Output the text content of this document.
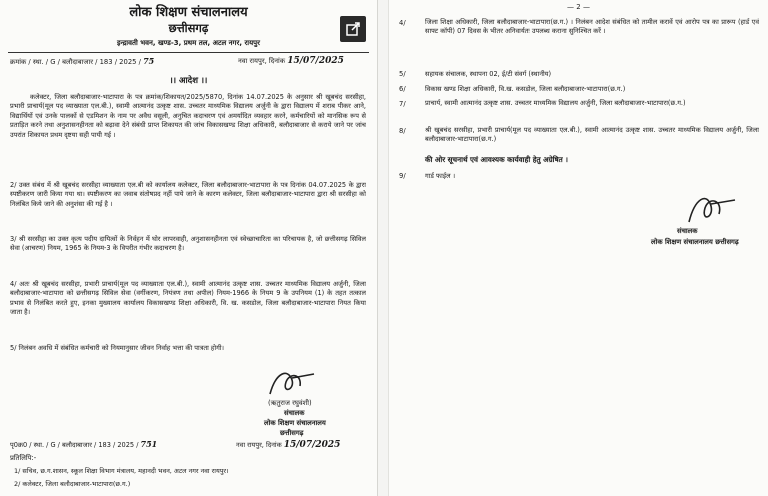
लोक शिक्षण संचालनालय
छत्तीसगढ़
इन्द्रावती भवन, खण्ड-3, प्रथम तल, अटल नगर, रायपुर
क्रमांक / स्था. / G / बलौदाबाजार / 183 / 2025 / 75	नवा रायपुर, दिनांक 15/07/2025
।। आदेश ।।
कलेक्टर, जिला बलौदाबाजार-भाटापारा के पत्र क्रमांक/शिकायत/2025/5870, दिनांक 14.07.2025 के अनुसार श्री खूबचंद सरसीहा, प्रभारी प्राचार्य(मूल पद व्याख्याता एल.बी.), स्वामी आत्मानंद उत्कृष्ट शास. उच्चतर माध्यमिक विद्यालय अर्जुनी के द्वारा विद्यालय में शराब पीकर आने, विद्यार्थियों एवं उनके पालकों से एडमिशन के नाम पर अवैध वसूली, अनुचित कदाचरण एवं अमर्यादित व्यवहार करने, कर्मचारियों को मानसिक रूप से प्रताड़ित करने तथा अनुशासनहीनता को बढ़ावा देने संबंधी प्राप्त शिकायत की जांच विकासखण्ड शिक्षा अधिकारी, बलौदाबाजार से कराये जाने पर जांच उपरांत शिकायत प्रथम दृष्टया सही पायी गई ।
2/ उक्त संबंध में श्री खूबचंद सरसीहा व्याख्याता एल.बी को कार्यालय कलेक्टर, जिला बलौदाबाजार-भाटापारा के पत्र दिनांक 04.07.2025 के द्वारा स्पष्टीकरण जारी किया गया था। स्पष्टीकरण का जवाब संतोषप्रद नहीं पाये जाने के कारण कलेक्टर, जिला बलौदाबाजार-भाटापारा द्वारा श्री सरसीहा को निलंबित किये जाने की अनुशंसा की गई है ।
3/ श्री सरसीहा का उक्त कृत्य पदीय दायित्वों के निर्वहन में घोर लापरवाही, अनुशासनहीनता एवं स्वेच्छाचारिता का परिचायक है, जो छत्तीसगढ़ सिविल सेवा (आचरण) नियम, 1965 के नियम-3 के विपरीत गंभीर कदाचरण है।
4/ अतः श्री खूबचंद सरसीहा, प्रभारी प्राचार्य(मूल पद व्याख्याता एल.बी.), स्वामी आत्मानंद उत्कृष्ट शास. उच्चतर माध्यमिक विद्यालय अर्जुनी, जिला बलौदाबाजार-भाटापारा को छत्तीसगढ़ सिविल सेवा (वर्गीकरण, नियंत्रण तथा अपील) नियम-1966 के नियम 9 के उपनियम (1) के तहत तत्काल प्रभाव से निलंबित करते हुए, इनका मुख्यालय कार्यालय विकासखण्ड शिक्षा अधिकारी, वि. ख. कसडोल, जिला बलौदाबाजार-भाटापारा नियत किया जाता है।
5/ निलंबन अवधि में संबंधित कर्मचारी को नियमानुसार जीवन निर्वाह भत्ता की पात्रता होगी।
(ऋतुराज रघुवंशी)
संचालक
लोक शिक्षण संचालनालय
छत्तीसगढ़
पृ0क्र0 / स्था. / G / बलौदाबाजार / 183 / 2025 / 751	नवा रायपुर, दिनांक 15/07/2025
प्रतिलिपि:-
1/ सचिव, छ.ग.शासन, स्कूल शिक्षा विभाग मंत्रालय, महानदी भवन, अटल नगर नवा रायपुर।
2/ कलेक्टर, जिला बलौदाबाजार-भाटापारा(छ.ग.)
— 2 —
4/	जिला शिक्षा अधिकारी, जिला बलौदाबाजार-भाटापारा(छ.ग.) । निलंबन आदेश संबंधित को तामील करावें एवं आरोप पत्र का प्रारूप (हार्ड एवं साफ्ट कॉपी) 07 दिवस के भीतर अनिवार्यतः उपलब्ध कराना सुनिश्चित करें ।
5/	सहायक संचालक, स्थापना 02, ई/टी संवर्ग (स्थानीय)
6/	विकास खण्ड शिक्षा अधिकारी, वि.ख. कसडोल, जिला बलौदाबाजार-भाटापारा(छ.ग.)
7/	प्राचार्य, स्वामी आत्मानंद उत्कृष्ट शास. उच्चतर माध्यमिक विद्यालय अर्जुनी, जिला बलौदाबाजार-भाटापारा(छ.ग.)
8/	श्री खूबचंद सरसीहा, प्रभारी प्राचार्य(मूल पद व्याख्याता एल.बी.), स्वामी आत्मानंद उत्कृष्ट शास. उच्चतर माध्यमिक विद्यालय अर्जुनी, जिला बलौदाबाजार-भाटापारा(छ.ग.)
की ओर सूचनार्थ एवं आवश्यक कार्यवाही हेतु अग्रेषित ।
9/	गार्ड फाईल ।
संचालक
लोक शिक्षण संचालनालय छत्तीसगढ़
